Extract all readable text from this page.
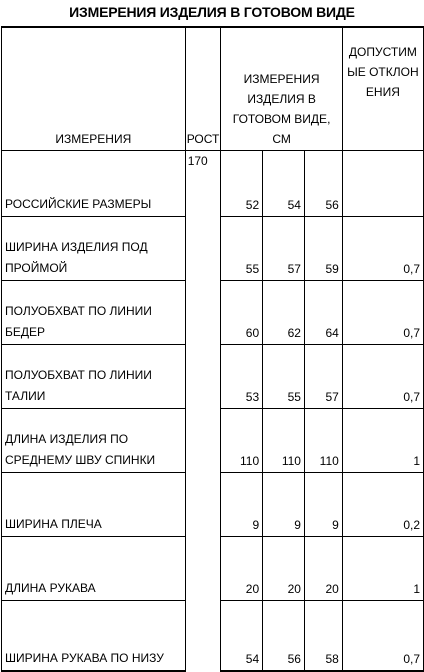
ИЗМЕРЕНИЯ ИЗДЕЛИЯ В ГОТОВОМ ВИДЕ
ИЗМЕРЕНИЯ	РОСТ	ИЗМЕРЕНИЯ ИЗДЕЛИЯ В ГОТОВОМ ВИДЕ, СМ			ДОПУСТИМЫЕ ОТКЛОНЕНИЯ
РОССИЙСКИЕ РАЗМЕРЫ	170	52	54	56	
ШИРИНА ИЗДЕЛИЯ ПОД ПРОЙМОЙ		55	57	59	0,7
ПОЛУОБХВАТ ПО ЛИНИИ БЕДЕР		60	62	64	0,7
ПОЛУОБХВАТ ПО ЛИНИИ ТАЛИИ		53	55	57	0,7
ДЛИНА ИЗДЕЛИЯ ПО СРЕДНЕМУ ШВУ СПИНКИ		110	110	110	1
ШИРИНА ПЛЕЧА		9	9	9	0,2
ДЛИНА РУКАВА		20	20	20	1
ШИРИНА РУКАВА ПО НИЗУ		54	56	58	0,7
